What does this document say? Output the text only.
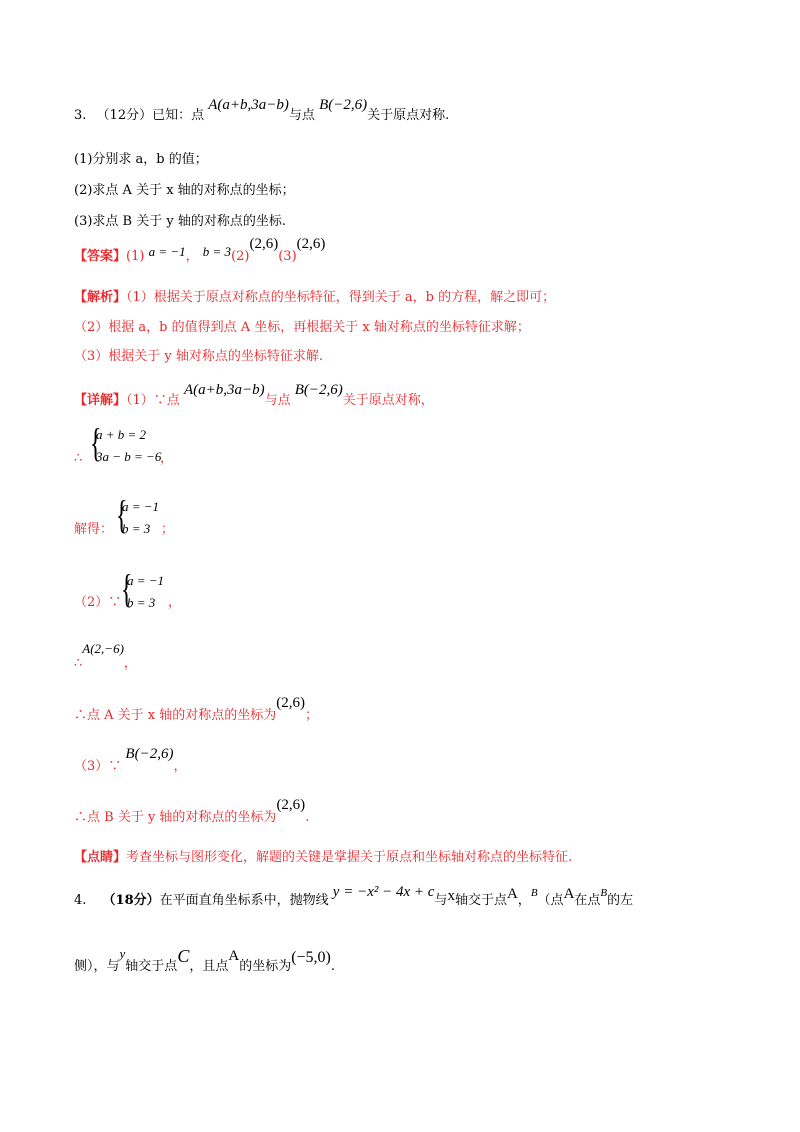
3. （12分）已知：点 A(a+b,3a−b)与点 B(−2,6)关于原点对称.
(1)分别求 a，b 的值；
(2)求点 A 关于 x 轴的对称点的坐标；
(3)求点 B 关于 y 轴的对称点的坐标.
【答案】(1) a = −1， b = 3(2)(2,6)(3)(2,6)
【解析】（1）根据关于原点对称点的坐标特征，得到关于 a，b 的方程，解之即可；
（2）根据 a，b 的值得到点 A 坐标，再根据关于 x 轴对称点的坐标特征求解；
（3）根据关于 y 轴对称点的坐标特征求解.
【详解】（1）∵点 A(a+b,3a−b)与点 B(−2,6)关于原点对称，
∴ {
a + b = 2
3a − b = −6
，
解得： {
a = −1
b = 3 ；
（2）∵ {
a = −1
b = 3 ，
∴A(2,−6)，
∴点 A 关于 x 轴的对称点的坐标为(2,6)；
（3）∵ B(−2,6)，
∴点 B 关于 y 轴的对称点的坐标为(2,6).
【点睛】考查坐标与图形变化，解题的关键是掌握关于原点和坐标轴对称点的坐标特征.
4. （18分）在平面直角坐标系中，抛物线 y = −x² − 4x + c与x轴交于点A，$^B$（点A在点$^B$的左
侧），与y轴交于点C，且点A的坐标为(−5,0).
